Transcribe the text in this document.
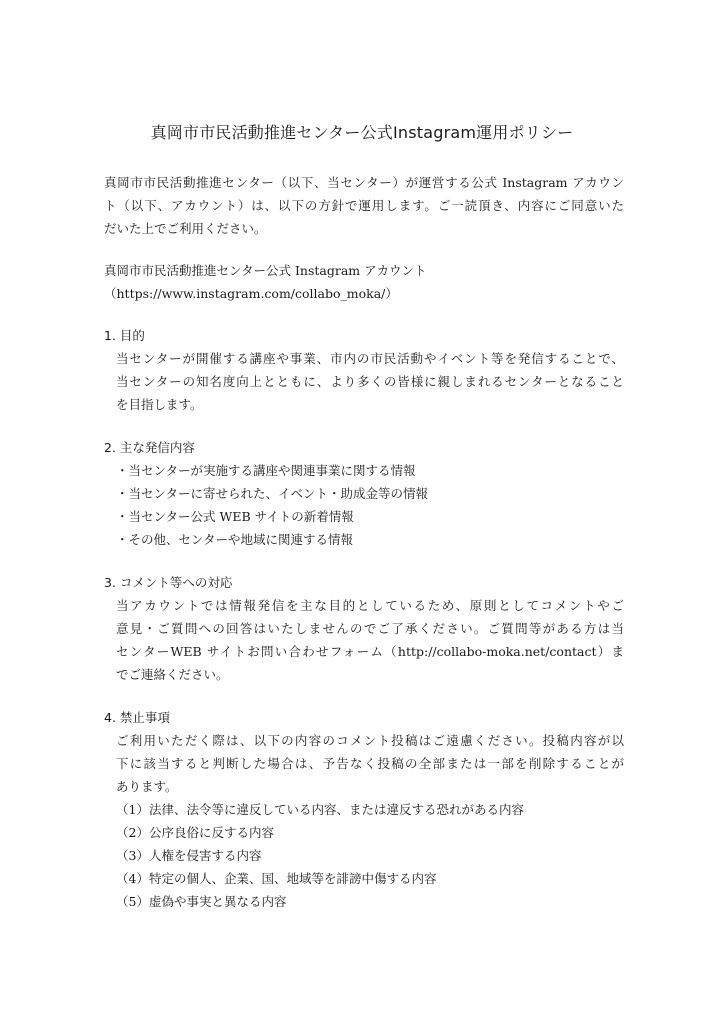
真岡市市民活動推進センター公式Instagram運用ポリシー
真岡市市民活動推進センター（以下、当センター）が運営する公式 Instagram アカウン
ト（以下、アカウント）は、以下の方針で運用します。ご一読頂き、内容にご同意いた
だいた上でご利用ください。
真岡市市民活動推進センター公式 Instagram アカウント
（https://www.instagram.com/collabo_moka/）
1. 目的
当センターが開催する講座や事業、市内の市民活動やイベント等を発信することで、
当センターの知名度向上とともに、より多くの皆様に親しまれるセンターとなること
を目指します。
2. 主な発信内容
・当センターが実施する講座や関連事業に関する情報
・当センターに寄せられた、イベント・助成金等の情報
・当センター公式 WEB サイトの新着情報
・その他、センターや地域に関連する情報
3. コメント等への対応
当アカウントでは情報発信を主な目的としているため、原則としてコメントやご
意見・ご質問への回答はいたしませんのでご了承ください。ご質問等がある方は当
センターWEB サイトお問い合わせフォーム（http://collabo-moka.net/contact）ま
でご連絡ください。
4. 禁止事項
ご利用いただく際は、以下の内容のコメント投稿はご遠慮ください。投稿内容が以
下に該当すると判断した場合は、予告なく投稿の全部または一部を削除することが
あります。
（1）法律、法令等に違反している内容、または違反する恐れがある内容
（2）公序良俗に反する内容
（3）人権を侵害する内容
（4）特定の個人、企業、国、地域等を誹謗中傷する内容
（5）虚偽や事実と異なる内容
